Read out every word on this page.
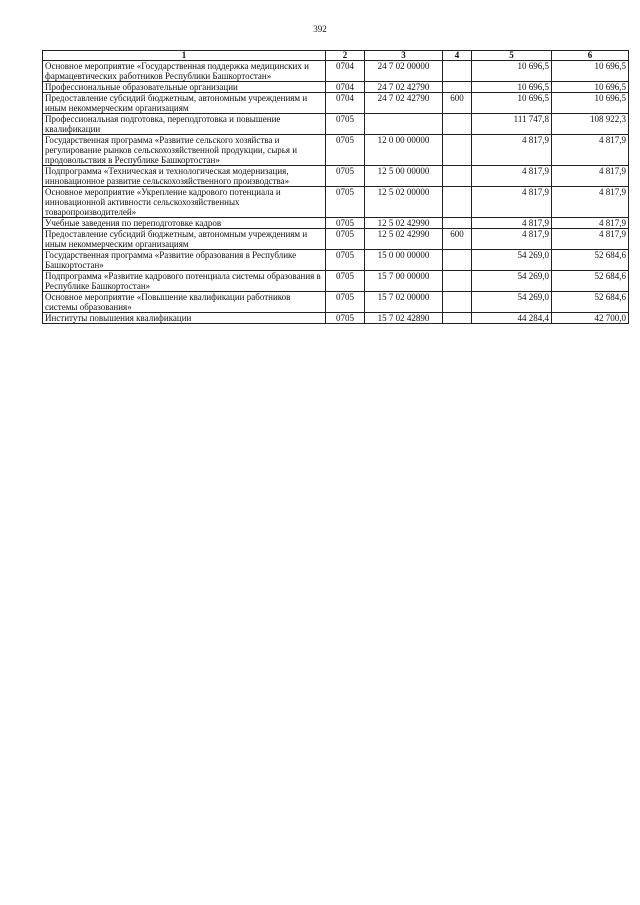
392
1	2	3	4	5	6
Основное мероприятие «Государственная поддержка медицинских и фармацевтических работников Республики Башкортостан»	0704	24 7 02 00000		10 696,5	10 696,5
Профессиональные образовательные организации	0704	24 7 02 42790		10 696,5	10 696,5
Предоставление субсидий бюджетным, автономным учреждениям и иным некоммерческим организациям	0704	24 7 02 42790	600	10 696,5	10 696,5
Профессиональная подготовка, переподготовка и повышение квалификации	0705			111 747,8	108 922,3
Государственная программа «Развитие сельского хозяйства и регулирование рынков сельскохозяйственной продукции, сырья и продовольствия в Республике Башкортостан»	0705	12 0 00 00000		4 817,9	4 817,9
Подпрограмма «Техническая и технологическая модернизация, инновационное развитие сельскохозяйственного производства»	0705	12 5 00 00000		4 817,9	4 817,9
Основное мероприятие «Укрепление кадрового потенциала и инновационной активности сельскохозяйственных товаропроизводителей»	0705	12 5 02 00000		4 817,9	4 817,9
Учебные заведения по переподготовке кадров	0705	12 5 02 42990		4 817,9	4 817,9
Предоставление субсидий бюджетным, автономным учреждениям и иным некоммерческим организациям	0705	12 5 02 42990	600	4 817,9	4 817,9
Государственная программа «Развитие образования в Республике Башкортостан»	0705	15 0 00 00000		54 269,0	52 684,6
Подпрограмма «Развитие кадрового потенциала системы образования в Республике Башкортостан»	0705	15 7 00 00000		54 269,0	52 684,6
Основное мероприятие «Повышение квалификации работников системы образования»	0705	15 7 02 00000		54 269,0	52 684,6
Институты повышения квалификации	0705	15 7 02 42890		44 284,4	42 700,0
